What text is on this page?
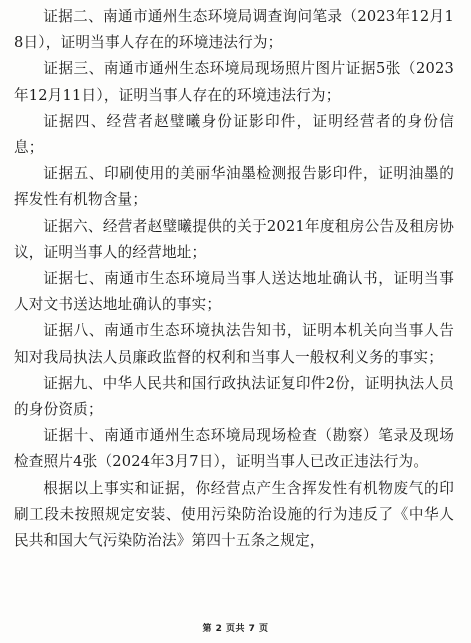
证据二、南通市通州生态环境局调查询问笔录（2023年12月18日），证明当事人存在的环境违法行为；

证据三、南通市通州生态环境局现场照片图片证据5张（2023年12月11日），证明当事人存在的环境违法行为；

证据四、经营者赵璧曦身份证影印件，证明经营者的身份信息；

证据五、印刷使用的美丽华油墨检测报告影印件，证明油墨的挥发性有机物含量；

证据六、经营者赵璧曦提供的关于2021年度租房公告及租房协议，证明当事人的经营地址；

证据七、南通市生态环境局当事人送达地址确认书，证明当事人对文书送达地址确认的事实；

证据八、南通市生态环境执法告知书，证明本机关向当事人告知对我局执法人员廉政监督的权利和当事人一般权利义务的事实；

证据九、中华人民共和国行政执法证复印件2份，证明执法人员的身份资质；

证据十、南通市通州生态环境局现场检查（勘察）笔录及现场检查照片4张（2024年3月7日），证明当事人已改正违法行为。

根据以上事实和证据，你经营点产生含挥发性有机物废气的印刷工段未按照规定安装、使用污染防治设施的行为违反了《中华人民共和国大气污染防治法》第四十五条之规定，

第 2 页共 7 页
